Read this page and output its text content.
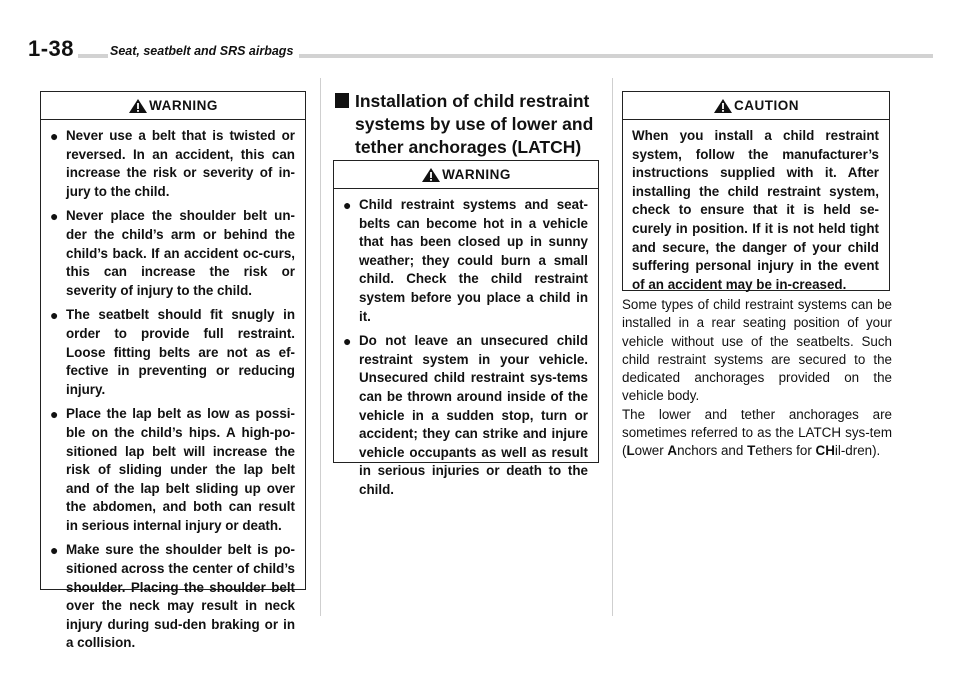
1-38	Seat, seatbelt and SRS airbags
WARNING
● Never use a belt that is twisted or reversed. In an accident, this can increase the risk or severity of in-jury to the child.
● Never place the shoulder belt un-der the child’s arm or behind the child’s back. If an accident oc-curs, this can increase the risk or severity of injury to the child.
● The seatbelt should fit snugly in order to provide full restraint. Loose fitting belts are not as ef-fective in preventing or reducing injury.
● Place the lap belt as low as possi-ble on the child’s hips. A high-po-sitioned lap belt will increase the risk of sliding under the lap belt and of the lap belt sliding up over the abdomen, and both can result in serious internal injury or death.
● Make sure the shoulder belt is po-sitioned across the center of child’s shoulder. Placing the shoulder belt over the neck may result in neck injury during sud-den braking or in a collision.
Installation of child restraint
systems by use of lower and
tether anchorages (LATCH)
WARNING
● Child restraint systems and seat-belts can become hot in a vehicle that has been closed up in sunny weather; they could burn a small child. Check the child restraint system before you place a child in it.
● Do not leave an unsecured child restraint system in your vehicle. Unsecured child restraint sys-tems can be thrown around inside of the vehicle in a sudden stop, turn or accident; they can strike and injure vehicle occupants as well as result in serious injuries or death to the child.
CAUTION
When you install a child restraint system, follow the manufacturer’s instructions supplied with it. After installing the child restraint system, check to ensure that it is held se-curely in position. If it is not held tight and secure, the danger of your child suffering personal injury in the event of an accident may be in-creased.
Some types of child restraint systems can be installed in a rear seating position of your vehicle without use of the seatbelts. Such child restraint systems are secured to the dedicated anchorages provided on the vehicle body.
The lower and tether anchorages are sometimes referred to as the LATCH sys-tem (Lower Anchors and Tethers for CHil-dren).
